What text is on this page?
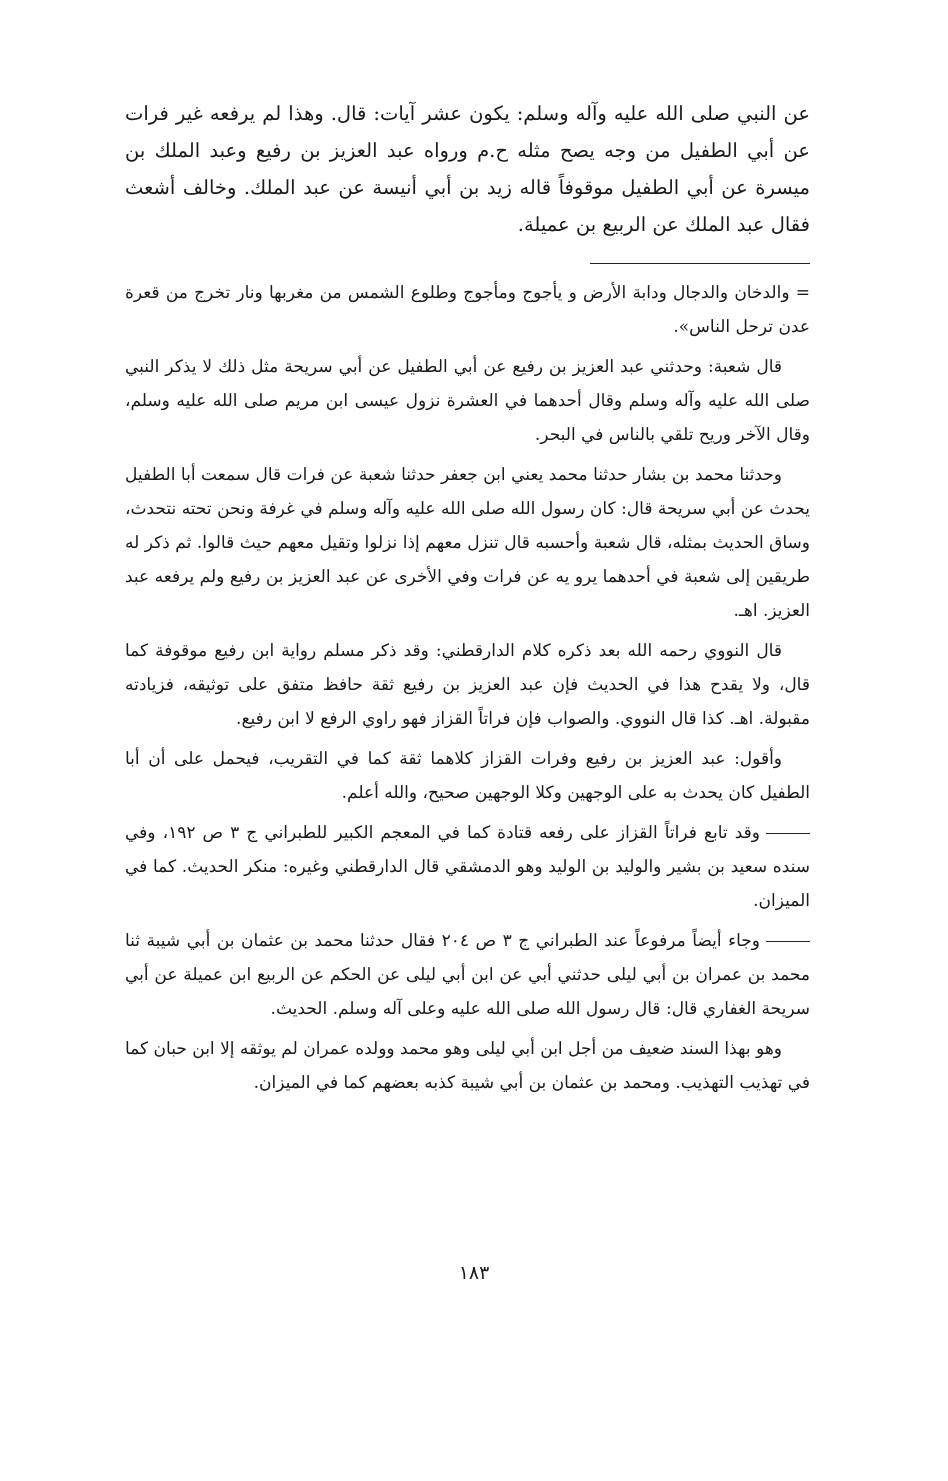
عن النبي صلى الله عليه وآله وسلم: يكون عشر آيات: قال. وهذا لم يرفعه غير فرات عن أبي الطفيل من وجه يصح مثله ح.م ورواه عبد العزيز بن رفيع وعبد الملك بن ميسرة عن أبي الطفيل موقوفاً قاله زيد بن أبي أنيسة عن عبد الملك. وخالف أشعث فقال عبد الملك عن الربيع بن عميلة.

= والدخان والدجال ودابة الأرض و يأجوج ومأجوج وطلوع الشمس من مغربها ونار تخرج من قعرة عدن ترحل الناس».

قال شعبة: وحدثني عبد العزيز بن رفيع عن أبي الطفيل عن أبي سريحة مثل ذلك لا يذكر النبي صلى الله عليه وآله وسلم وقال أحدهما في العشرة نزول عيسى ابن مريم صلى الله عليه وسلم، وقال الآخر وريح تلقي بالناس في البحر.

وحدثنا محمد بن بشار حدثنا محمد يعني ابن جعفر حدثنا شعبة عن فرات قال سمعت أبا الطفيل يحدث عن أبي سريحة قال: كان رسول الله صلى الله عليه وآله وسلم في غرفة ونحن تحته نتحدث، وساق الحديث بمثله، قال شعبة وأحسبه قال تنزل معهم إذا نزلوا وتقيل معهم حيث قالوا. ثم ذكر له طريقين إلى شعبة في أحدهما يرو يه عن فرات وفي الأخرى عن عبد العزيز بن رفيع ولم يرفعه عبد العزيز. اهـ.

قال النووي رحمه الله بعد ذكره كلام الدارقطني: وقد ذكر مسلم رواية ابن رفيع موقوفة كما قال، ولا يقدح هذا في الحديث فإن عبد العزيز بن رفيع ثقة حافظ متفق على توثيقه، فزيادته مقبولة. اهـ. كذا قال النووي. والصواب فإن فراتاً القزاز فهو راوي الرفع لا ابن رفيع.

وأقول: عبد العزيز بن رفيع وفرات القزاز كلاهما ثقة كما في التقريب، فيحمل على أن أبا الطفيل كان يحدث به على الوجهين وكلا الوجهين صحيح، والله أعلم.

وقد تابع فراتاً القزاز على رفعه قتادة كما في المعجم الكبير للطبراني ج ٣ ص ١٩٢، وفي سنده سعيد بن بشير والوليد بن الوليد وهو الدمشقي قال الدارقطني وغيره: منكر الحديث. كما في الميزان.

وجاء أيضاً مرفوعاً عند الطبراني ج ٣ ص ٢٠٤ فقال حدثنا محمد بن عثمان بن أبي شيبة ثنا محمد بن عمران بن أبي ليلى حدثني أبي عن ابن أبي ليلى عن الحكم عن الربيع ابن عميلة عن أبي سريحة الغفاري قال: قال رسول الله صلى الله عليه وعلى آله وسلم. الحديث.

وهو بهذا السند ضعيف من أجل ابن أبي ليلى وهو محمد وولده عمران لم يوثقه إلا ابن حبان كما في تهذيب التهذيب. ومحمد بن عثمان بن أبي شيبة كذبه بعضهم كما في الميزان.

١٨٣
